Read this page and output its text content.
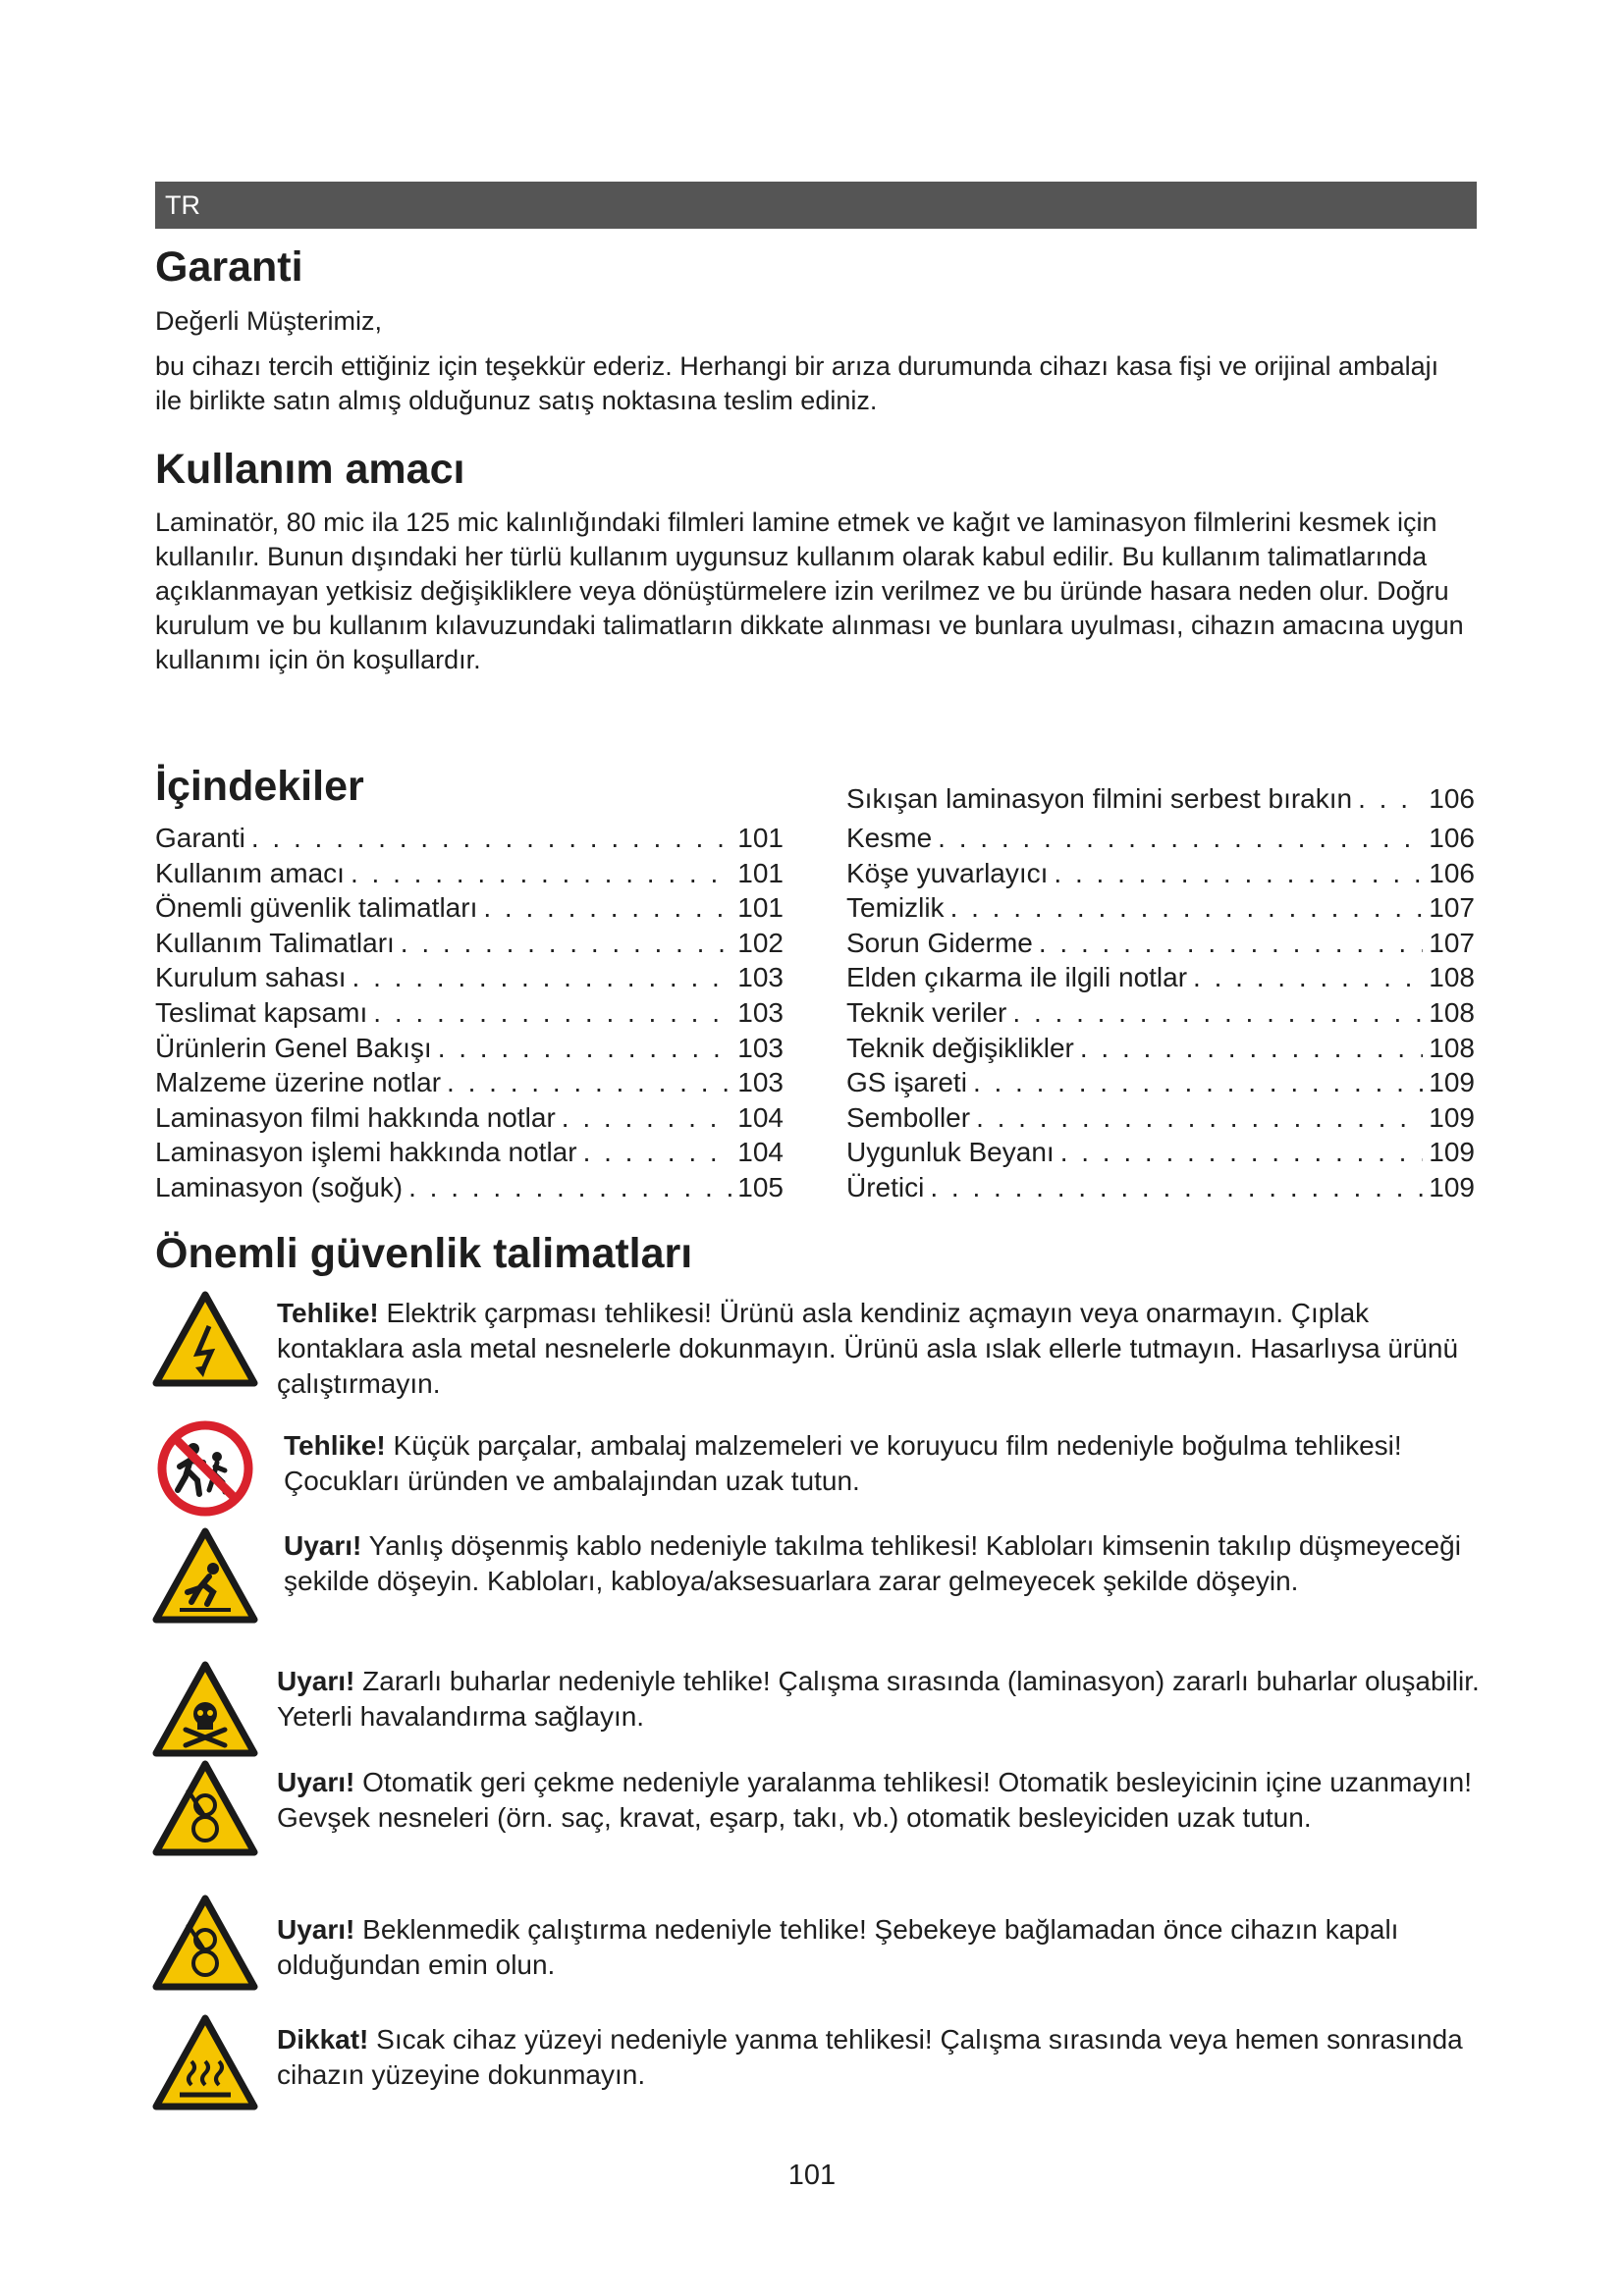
TR
Garanti

Değerli Müşterimiz,

bu cihazı tercih ettiğiniz için teşekkür ederiz. Herhangi bir arıza durumunda cihazı kasa fişi ve orijinal ambalajı ile birlikte satın almış olduğunuz satış noktasına teslim ediniz.

Kullanım amacı

Laminatör, 80 mic ila 125 mic kalınlığındaki filmleri lamine etmek ve kağıt ve laminasyon filmlerini kesmek için kullanılır. Bunun dışındaki her türlü kullanım uygunsuz kullanım olarak kabul edilir. Bu kullanım talimatlarında açıklanmayan yetkisiz değişikliklere veya dönüştürmelere izin verilmez ve bu üründe hasara neden olur. Doğru kurulum ve bu kullanım kılavuzundaki talimatların dikkate alınması ve bunlara uyulması, cihazın amacına uygun kullanımı için ön koşullardır.

İçindekiler	Sıkışan laminasyon filmini serbest bırakın . . .	106
Garanti . . .	101
Kullanım amacı . . .	101
Önemli güvenlik talimatları . . .	101
Kullanım Talimatları . . .	102
Kurulum sahası . . .	103
Teslimat kapsamı . . .	103
Ürünlerin Genel Bakışı . . .	103
Malzeme üzerine notlar . . .	103
Laminasyon filmi hakkında notlar . . .	104
Laminasyon işlemi hakkında notlar . . .	104
Laminasyon (soğuk) . . .	105
Kesme . . .	106
Köşe yuvarlayıcı . . .	106
Temizlik . . .	107
Sorun Giderme . . .	107
Elden çıkarma ile ilgili notlar . . .	108
Teknik veriler . . .	108
Teknik değişiklikler . . .	108
GS işareti . . .	109
Semboller . . .	109
Uygunluk Beyanı . . .	109
Üretici . . .	109
Önemli güvenlik talimatları

Tehlike! Elektrik çarpması tehlikesi! Ürünü asla kendiniz açmayın veya onarmayın. Çıplak kontaklara asla metal nesnelerle dokunmayın. Ürünü asla ıslak ellerle tutmayın. Hasarlıysa ürünü çalıştırmayın.

Tehlike! Küçük parçalar, ambalaj malzemeleri ve koruyucu film nedeniyle boğulma tehlikesi! Çocukları üründen ve ambalajından uzak tutun.

Uyarı! Yanlış döşenmiş kablo nedeniyle takılma tehlikesi! Kabloları kimsenin takılıp düşmeyeceği şekilde döşeyin. Kabloları, kabloya/aksesuarlara zarar gelmeyecek şekilde döşeyin.

Uyarı! Zararlı buharlar nedeniyle tehlike! Çalışma sırasında (laminasyon) zararlı buharlar oluşabilir. Yeterli havalandırma sağlayın.

Uyarı! Otomatik geri çekme nedeniyle yaralanma tehlikesi! Otomatik besleyicinin içine uzanmayın! Gevşek nesneleri (örn. saç, kravat, eşarp, takı, vb.) otomatik besleyiciden uzak tutun.

Uyarı! Beklenmedik çalıştırma nedeniyle tehlike! Şebekeye bağlamadan önce cihazın kapalı olduğundan emin olun.

Dikkat! Sıcak cihaz yüzeyi nedeniyle yanma tehlikesi! Çalışma sırasında veya hemen sonrasında cihazın yüzeyine dokunmayın.

101
